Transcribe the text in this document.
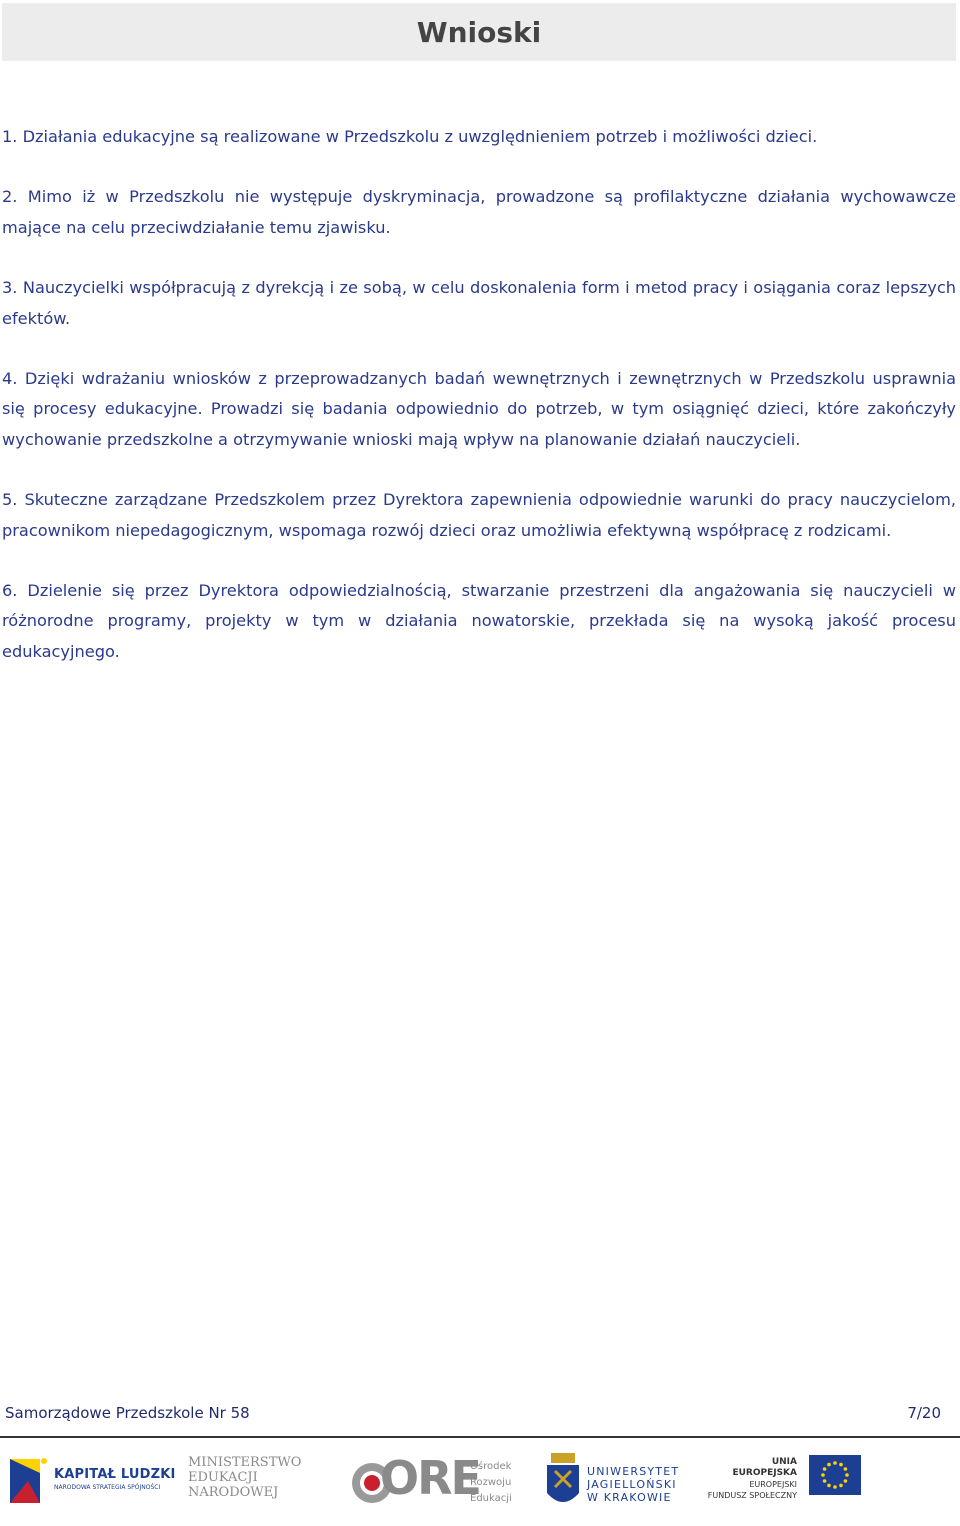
Wnioski

1. Działania edukacyjne są realizowane w Przedszkolu z uwzględnieniem potrzeb i możliwości dzieci.

2. Mimo iż w Przedszkolu nie występuje dyskryminacja, prowadzone są profilaktyczne działania wychowawcze mające na celu przeciwdziałanie temu zjawisku.

3. Nauczycielki współpracują z dyrekcją i ze sobą, w celu doskonalenia form i metod pracy i osiągania coraz lepszych efektów.

4. Dzięki wdrażaniu wniosków z przeprowadzanych badań wewnętrznych i zewnętrznych w Przedszkolu usprawnia się procesy edukacyjne. Prowadzi się badania odpowiednio do potrzeb, w tym osiągnięć dzieci, które zakończyły wychowanie przedszkolne a otrzymywanie wnioski mają wpływ na planowanie działań nauczycieli.

5. Skuteczne zarządzane Przedszkolem przez Dyrektora zapewnienia odpowiednie warunki do pracy nauczycielom, pracownikom niepedagogicznym, wspomaga rozwój dzieci oraz umożliwia efektywną współpracę z rodzicami.

6. Dzielenie się przez Dyrektora odpowiedzialnością, stwarzanie przestrzeni dla angażowania się nauczycieli w różnorodne programy, projekty w tym w działania nowatorskie, przekłada się na wysoką jakość procesu edukacyjnego.

Samorządowe Przedszkole Nr 58	7/20
KAPITAŁ LUDZKI
NARODOWA STRATEGIA SPÓJNOŚCI
MINISTERSTWO
EDUKACJI
NARODOWEJ	ORE
Ośrodek
Rozwoju
Edukacji
UNIWERSYTET
JAGIELLOŃSKI
W KRAKOWIE
UNIA EUROPEJSKA
EUROPEJSKI
FUNDUSZ SPOŁECZNY
